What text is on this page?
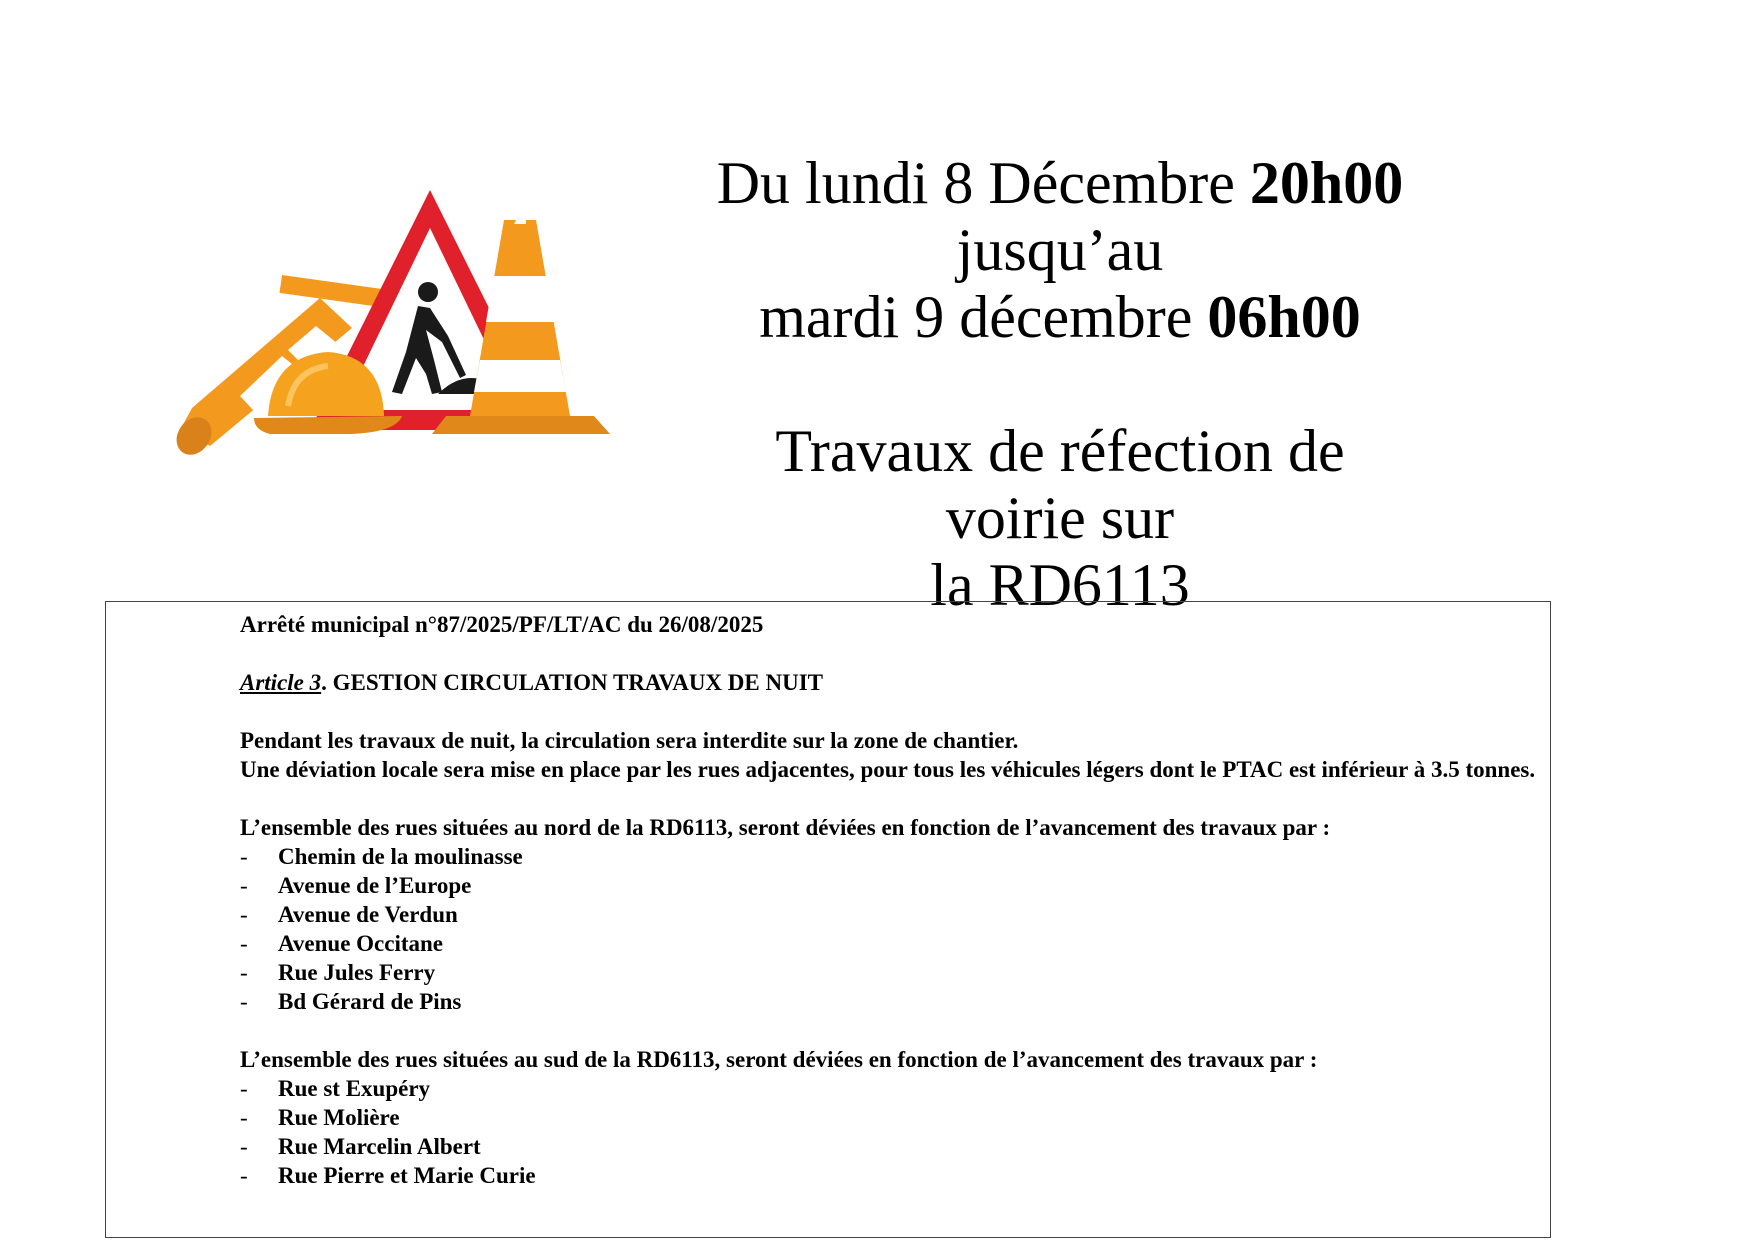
Du lundi 8 Décembre 20h00
jusqu’au
mardi 9 décembre 06h00
Travaux de réfection de voirie sur
la RD6113

Arrêté municipal n°87/2025/PF/LT/AC du 26/08/2025

Article 3. GESTION CIRCULATION TRAVAUX DE NUIT

Pendant les travaux de nuit, la circulation sera interdite sur la zone de chantier.

Une déviation locale sera mise en place par les rues adjacentes, pour tous les véhicules légers dont le PTAC est inférieur à 3.5 tonnes.

L’ensemble des rues situées au nord de la RD6113, seront déviées en fonction de l’avancement des travaux par :

- Chemin de la moulinasse
- Avenue de l’Europe
- Avenue de Verdun
- Avenue Occitane
- Rue Jules Ferry
- Bd Gérard de Pins

L’ensemble des rues situées au sud de la RD6113, seront déviées en fonction de l’avancement des travaux par :

- Rue st Exupéry
- Rue Molière
- Rue Marcelin Albert
- Rue Pierre et Marie Curie
